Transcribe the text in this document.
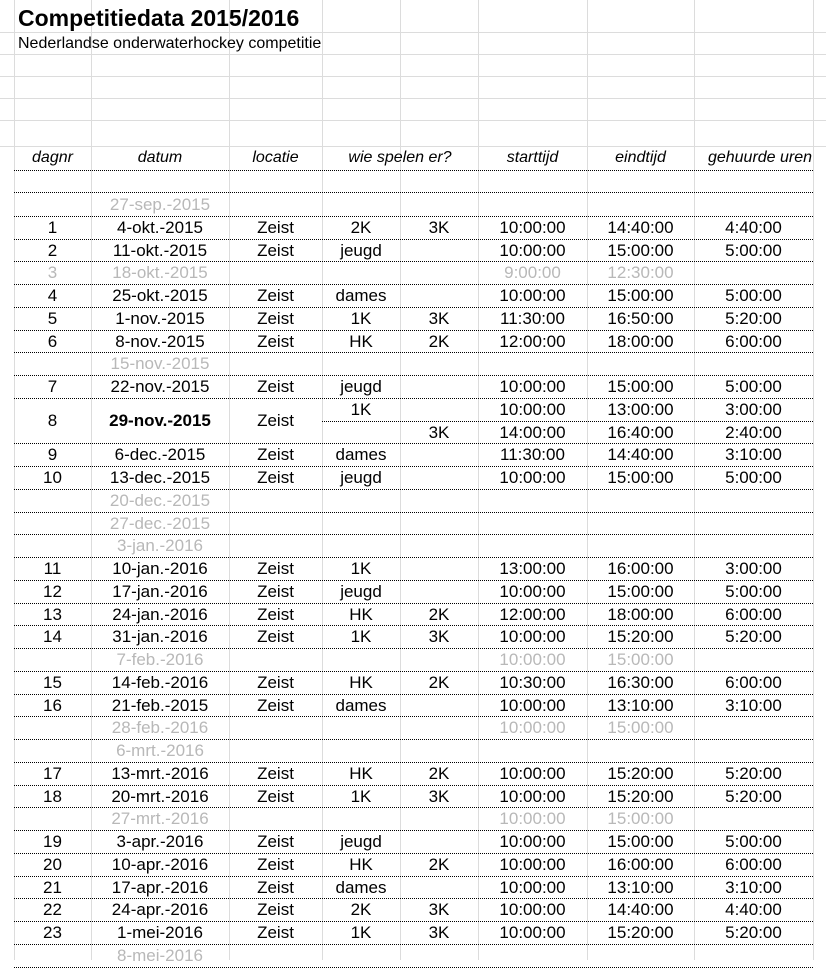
Competitiedata 2015/2016
Nederlandse onderwaterhockey competitie
dagnr	datum	locatie	wie spelen er?	starttijd	eindtijd	gehuurde uren
27-sep.-2015
1	4-okt.-2015	Zeist	2K	3K	10:00:00	14:40:00	4:40:00
2	11-okt.-2015	Zeist	jeugd	10:00:00	15:00:00	5:00:00
3	18-okt.-2015	9:00:00	12:30:00
4	25-okt.-2015	Zeist	dames	10:00:00	15:00:00	5:00:00
5	1-nov.-2015	Zeist	1K	3K	11:30:00	16:50:00	5:20:00
6	8-nov.-2015	Zeist	HK	2K	12:00:00	18:00:00	6:00:00
15-nov.-2015
7	22-nov.-2015	Zeist	jeugd	10:00:00	15:00:00	5:00:00
8	29-nov.-2015	Zeist
1K	10:00:00	13:00:00	3:00:00
3K	14:00:00	16:40:00	2:40:00
9	6-dec.-2015	Zeist	dames	11:30:00	14:40:00	3:10:00
10	13-dec.-2015	Zeist	jeugd	10:00:00	15:00:00	5:00:00
20-dec.-2015
27-dec.-2015
3-jan.-2016
11	10-jan.-2016	Zeist	1K	13:00:00	16:00:00	3:00:00
12	17-jan.-2016	Zeist	jeugd	10:00:00	15:00:00	5:00:00
13	24-jan.-2016	Zeist	HK	2K	12:00:00	18:00:00	6:00:00
14	31-jan.-2016	Zeist	1K	3K	10:00:00	15:20:00	5:20:00
7-feb.-2016	10:00:00	15:00:00
15	14-feb.-2016	Zeist	HK	2K	10:30:00	16:30:00	6:00:00
16	21-feb.-2015	Zeist	dames	10:00:00	13:10:00	3:10:00
28-feb.-2016	10:00:00	15:00:00
6-mrt.-2016
17	13-mrt.-2016	Zeist	HK	2K	10:00:00	15:20:00	5:20:00
18	20-mrt.-2016	Zeist	1K	3K	10:00:00	15:20:00	5:20:00
27-mrt.-2016	10:00:00	15:00:00
19	3-apr.-2016	Zeist	jeugd	10:00:00	15:00:00	5:00:00
20	10-apr.-2016	Zeist	HK	2K	10:00:00	16:00:00	6:00:00
21	17-apr.-2016	Zeist	dames	10:00:00	13:10:00	3:10:00
22	24-apr.-2016	Zeist	2K	3K	10:00:00	14:40:00	4:40:00
23	1-mei-2016	Zeist	1K	3K	10:00:00	15:20:00	5:20:00
8-mei-2016
